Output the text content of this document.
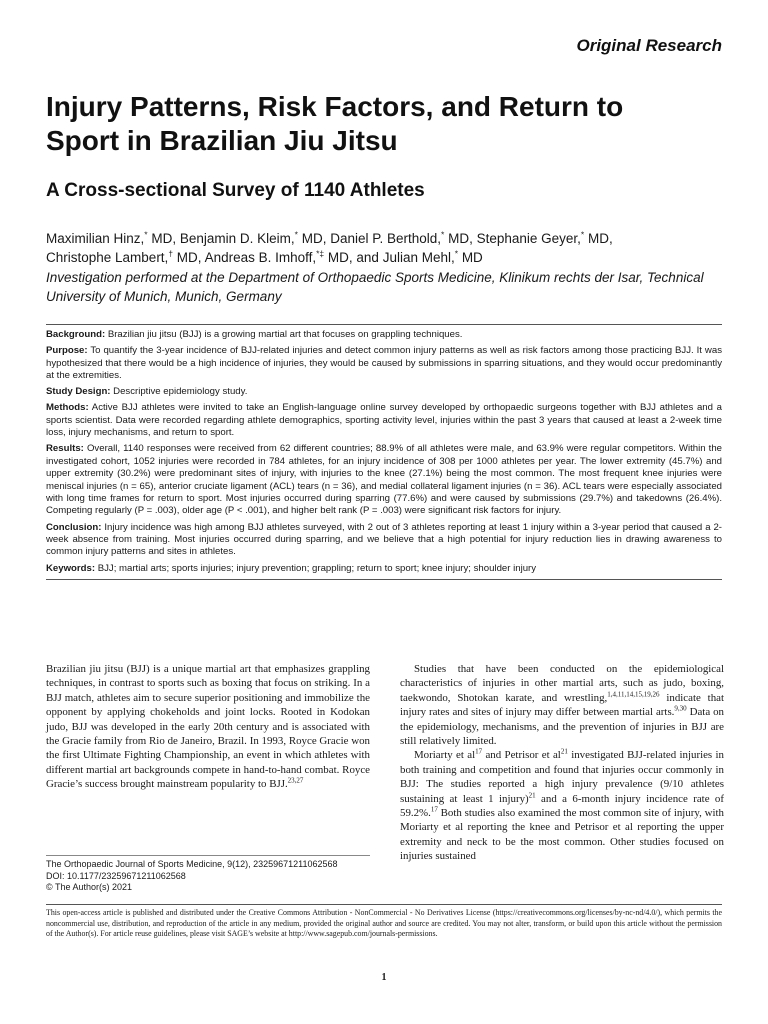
Original Research
Injury Patterns, Risk Factors, and Return to Sport in Brazilian Jiu Jitsu
A Cross-sectional Survey of 1140 Athletes
Maximilian Hinz,* MD, Benjamin D. Kleim,* MD, Daniel P. Berthold,* MD, Stephanie Geyer,* MD,
Christophe Lambert,† MD, Andreas B. Imhoff,*‡ MD, and Julian Mehl,* MD
Investigation performed at the Department of Orthopaedic Sports Medicine, Klinikum rechts der Isar, Technical University of Munich, Munich, Germany

Background: Brazilian jiu jitsu (BJJ) is a growing martial art that focuses on grappling techniques.

Purpose: To quantify the 3-year incidence of BJJ-related injuries and detect common injury patterns as well as risk factors among those practicing BJJ. It was hypothesized that there would be a high incidence of injuries, they would be caused by submissions in sparring situations, and they would occur predominantly at the extremities.

Study Design: Descriptive epidemiology study.

Methods: Active BJJ athletes were invited to take an English-language online survey developed by orthopaedic surgeons together with BJJ athletes and a sports scientist. Data were recorded regarding athlete demographics, sporting activity level, injuries within the past 3 years that caused at least a 2-week time loss, injury mechanisms, and return to sport.

Results: Overall, 1140 responses were received from 62 different countries; 88.9% of all athletes were male, and 63.9% were regular competitors. Within the investigated cohort, 1052 injuries were recorded in 784 athletes, for an injury incidence of 308 per 1000 athletes per year. The lower extremity (45.7%) and upper extremity (30.2%) were predominant sites of injury, with injuries to the knee (27.1%) being the most common. The most frequent knee injuries were meniscal injuries (n = 65), anterior cruciate ligament (ACL) tears (n = 36), and medial collateral ligament injuries (n = 36). ACL tears were especially associated with long time frames for return to sport. Most injuries occurred during sparring (77.6%) and were caused by submissions (29.7%) and takedowns (26.4%). Competing regularly (P = .003), older age (P < .001), and higher belt rank (P = .003) were significant risk factors for injury.

Conclusion: Injury incidence was high among BJJ athletes surveyed, with 2 out of 3 athletes reporting at least 1 injury within a 3-year period that caused a 2-week absence from training. Most injuries occurred during sparring, and we believe that a high potential for injury reduction lies in drawing awareness to common injury patterns and sites in athletes.

Keywords: BJJ; martial arts; sports injuries; injury prevention; grappling; return to sport; knee injury; shoulder injury

Brazilian jiu jitsu (BJJ) is a unique martial art that emphasizes grappling techniques, in contrast to sports such as boxing that focus on striking. In a BJJ match, athletes aim to secure superior positioning and immobilize the opponent by applying chokeholds and joint locks. Rooted in Kodokan judo, BJJ was developed in the early 20th century and is associated with the Gracie family from Rio de Janeiro, Brazil. In 1993, Royce Gracie won the first Ultimate Fighting Championship, an event in which athletes with different martial art backgrounds compete in hand-to-hand combat. Royce Gracie’s success brought mainstream popularity to BJJ.$^{23,27}$

The Orthopaedic Journal of Sports Medicine, 9(12), 23259671211062568
DOI: 10.1177/23259671211062568
© The Author(s) 2021

Studies that have been conducted on the epidemiological characteristics of injuries in other martial arts, such as judo, boxing, taekwondo, Shotokan karate, and wrestling,$^{1,4,11,14,15,19,26}$ indicate that injury rates and sites of injury may differ between martial arts.$^{9,30}$ Data on the epidemiology, mechanisms, and the prevention of injuries in BJJ are still relatively limited.

Moriarty et $al^{17}$ and Petrisor et $al^{21}$ investigated BJJ-related injuries in both training and competition and found that injuries occur commonly in BJJ: The studies reported a high injury prevalence (9/10 athletes sustaining at least 1 injury)$^{21}$ and a 6-month injury incidence rate of 59.2%.$^{17}$ Both studies also examined the most common site of injury, with Moriarty et al reporting the knee and Petrisor et al reporting the upper extremity and neck to be the most common. Other studies focused on injuries sustained

This open-access article is published and distributed under the Creative Commons Attribution - NonCommercial - No Derivatives License (https://creativecommons.org/licenses/by-nc-nd/4.0/), which permits the noncommercial use, distribution, and reproduction of the article in any medium, provided the original author and source are credited. You may not alter, transform, or build upon this article without the permission of the Author(s). For article reuse guidelines, please visit SAGE’s website at http://www.sagepub.com/journals-permissions.
1
